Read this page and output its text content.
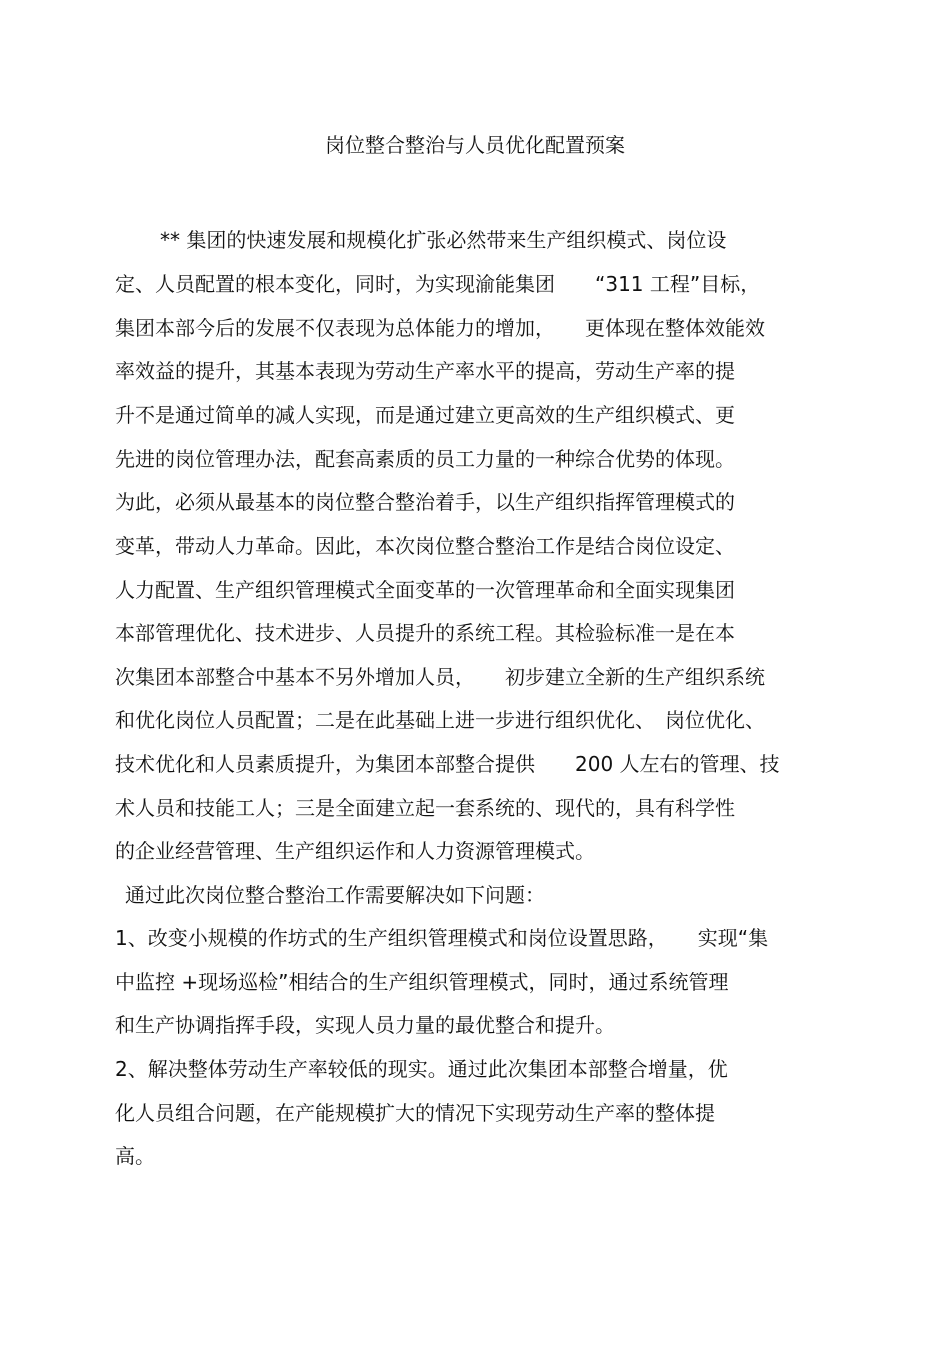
岗位整合整治与人员优化配置预案
** 集团的快速发展和规模化扩张必然带来生产组织模式、岗位设
定、人员配置的根本变化，同时，为实现渝能集团　　“311 工程”目标，
集团本部今后的发展不仅表现为总体能力的增加，　　更体现在整体效能效
率效益的提升，其基本表现为劳动生产率水平的提高，劳动生产率的提
升不是通过简单的减人实现，而是通过建立更高效的生产组织模式、更
先进的岗位管理办法，配套高素质的员工力量的一种综合优势的体现。
为此，必须从最基本的岗位整合整治着手，以生产组织指挥管理模式的
变革，带动人力革命。因此，本次岗位整合整治工作是结合岗位设定、
人力配置、生产组织管理模式全面变革的一次管理革命和全面实现集团
本部管理优化、技术进步、人员提升的系统工程。其检验标准一是在本
次集团本部整合中基本不另外增加人员，　　初步建立全新的生产组织系统
和优化岗位人员配置；二是在此基础上进一步进行组织优化、　岗位优化、
技术优化和人员素质提升，为集团本部整合提供　　200 人左右的管理、技
术人员和技能工人；三是全面建立起一套系统的、现代的，具有科学性
的企业经营管理、生产组织运作和人力资源管理模式。
通过此次岗位整合整治工作需要解决如下问题：
1、改变小规模的作坊式的生产组织管理模式和岗位设置思路，　　实现“集
中监控 +现场巡检”相结合的生产组织管理模式，同时，通过系统管理
和生产协调指挥手段，实现人员力量的最优整合和提升。
2、解决整体劳动生产率较低的现实。通过此次集团本部整合增量，优
化人员组合问题，在产能规模扩大的情况下实现劳动生产率的整体提
高。
